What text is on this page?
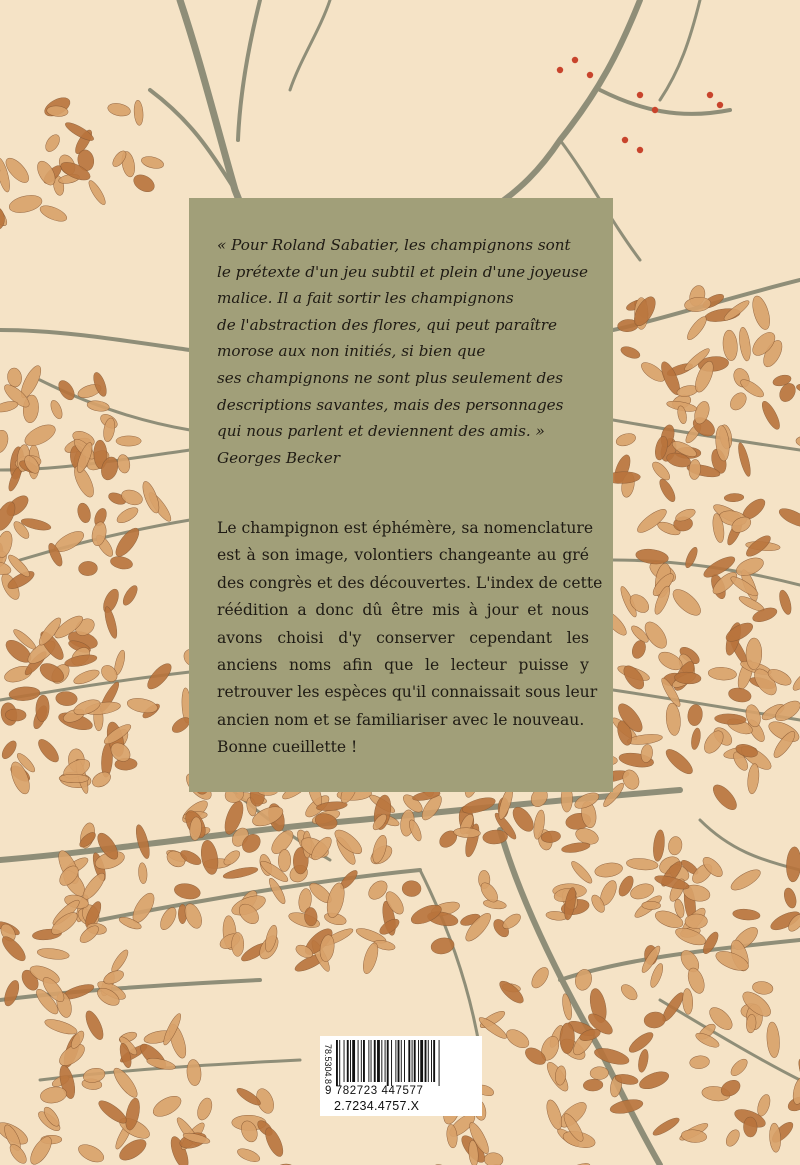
« Pour Roland Sabatier, les champignons sont
le prétexte d'un jeu subtil et plein d'une joyeuse
malice. Il a fait sortir les champignons
de l'abstraction des flores, qui peut paraître
morose aux non initiés, si bien que
ses champignons ne sont plus seulement des
descriptions savantes, mais des personnages
qui nous parlent et deviennent des amis. »
Georges Becker

Le champignon est éphémère, sa nomenclature
est à son image, volontiers changeante au gré
des congrès et des découvertes. L'index de cette
réédition a donc dû être mis à jour et nous
avons choisi d'y conserver cependant les
anciens noms afin que le lecteur puisse y
retrouver les espèces qu'il connaissait sous leur
ancien nom et se familiariser avec le nouveau.
Bonne cueillette !

78.5304.8
9 782723 447577
2.7234.4757.X
